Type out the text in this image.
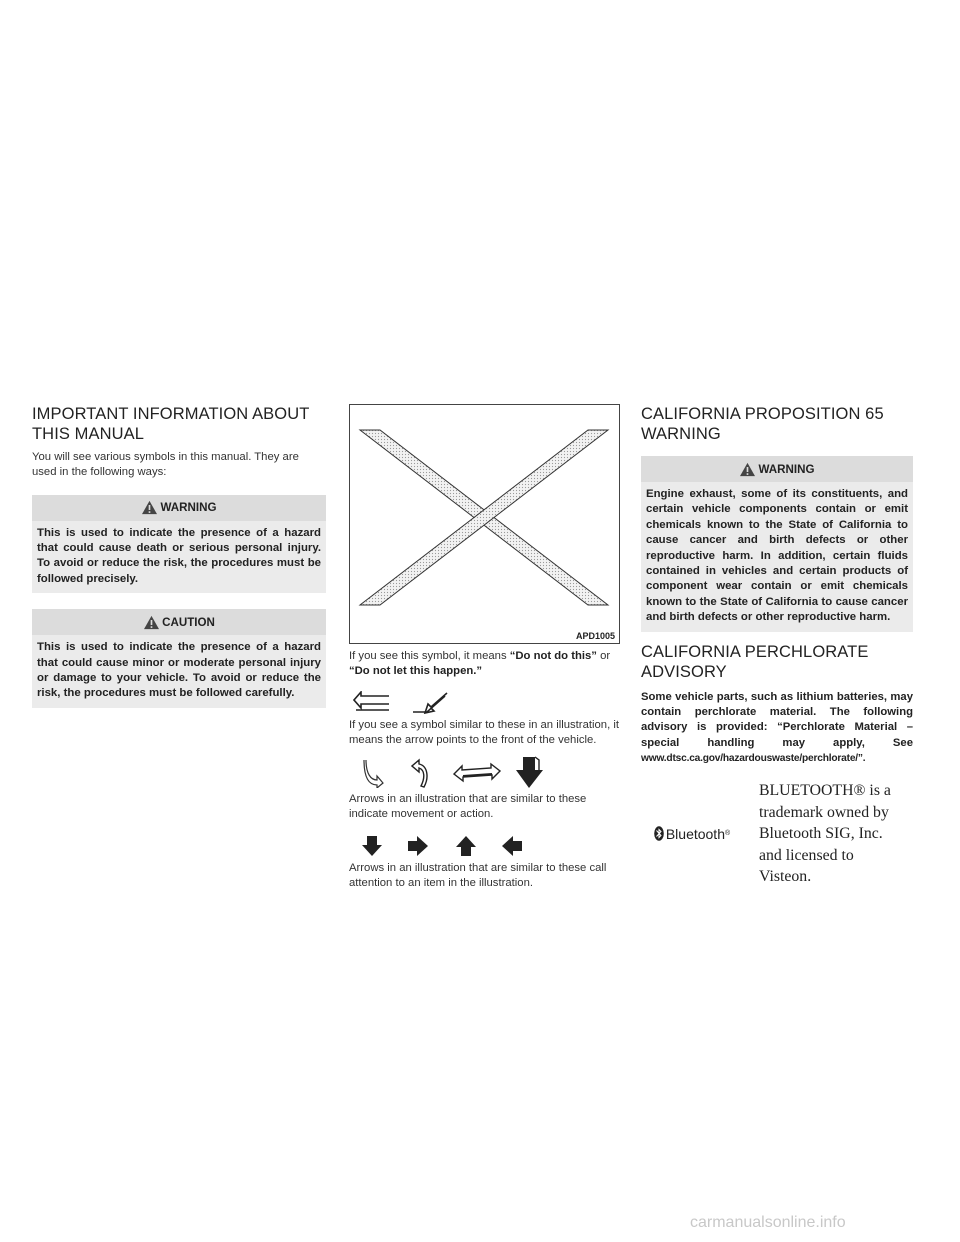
IMPORTANT INFORMATION ABOUT
THIS MANUAL

You will see various symbols in this manual. They are used in the following ways:

WARNING
This is used to indicate the presence of a hazard that could cause death or serious personal injury. To avoid or reduce the risk, the procedures must be followed precisely.
CAUTION
This is used to indicate the presence of a hazard that could cause minor or moderate personal injury or damage to your vehicle. To avoid or reduce the risk, the procedures must be followed carefully.
APD1005

If you see this symbol, it means “Do not do this” or “Do not let this happen.”

If you see a symbol similar to these in an illustration, it means the arrow points to the front of the vehicle.

Arrows in an illustration that are similar to these indicate movement or action.

Arrows in an illustration that are similar to these call attention to an item in the illustration.

CALIFORNIA PROPOSITION 65
WARNING
WARNING
Engine exhaust, some of its constituents, and certain vehicle components contain or emit chemicals known to the State of California to cause cancer and birth defects or other reproductive harm. In addition, certain fluids contained in vehicles and certain products of component wear contain or emit chemicals known to the State of California to cause cancer and birth defects or other reproductive harm.
CALIFORNIA PERCHLORATE
ADVISORY

Some vehicle parts, such as lithium batteries, may contain perchlorate material. The following advisory is provided: “Perchlorate Material – special handling may apply, See www.dtsc.ca.gov/hazardouswaste/perchlorate/”.

Bluetooth ®
BLUETOOTH® is a
trademark owned by
Bluetooth SIG, Inc.
and licensed to
Visteon.
carmanualsonline.info
